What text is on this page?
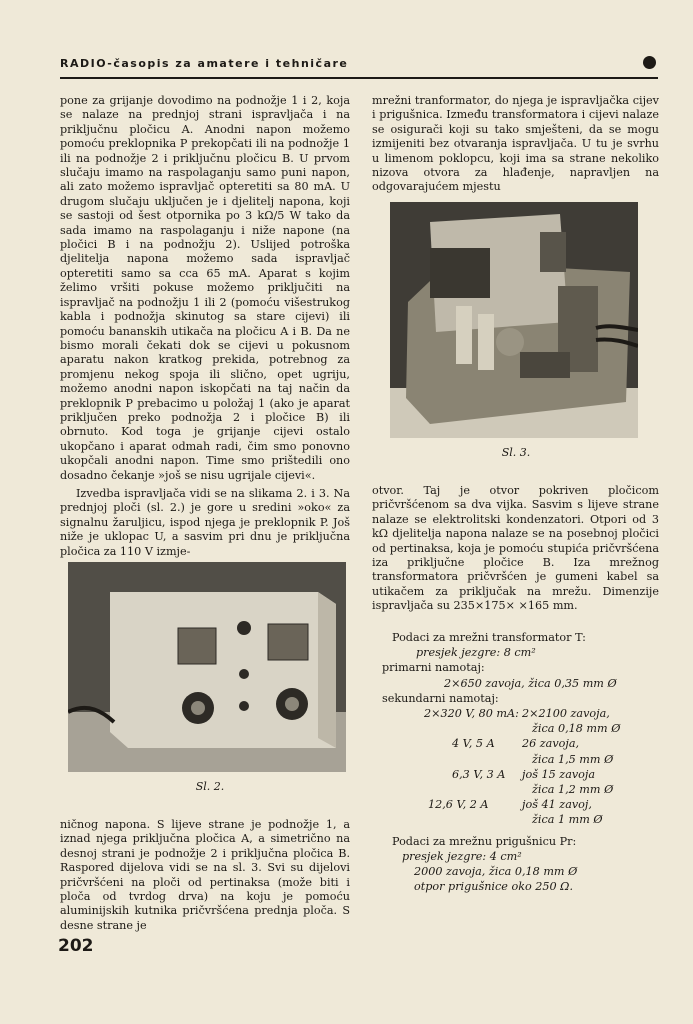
RADIO-časopis za amatere i tehničare

pone za grijanje dovodimo na podnožje 1 i 2, koja se nalaze na prednjoj strani ispravljača i na priključnu pločicu A. Anodni napon možemo pomoću preklopnika P prekopčati ili na podnožje 1 ili na podnožje 2 i priključnu pločicu B. U prvom slučaju imamo na raspolaganju samo puni napon, ali zato možemo ispravljač opteretiti sa 80 mA. U drugom slučaju uključen je i djelitelj napona, koji se sastoji od šest otpornika po 3 kΩ/5 W tako da sada imamo na raspolaganju i niže napone (na pločici B i na podnožju 2). Uslijed potroška djelitelja napona možemo sada ispravljač opteretiti samo sa cca 65 mA. Aparat s kojim želimo vršiti pokuse možemo priključiti na ispravljač na podnožju 1 ili 2 (pomoću višestrukog kabla i podnožja skinutog sa stare cijevi) ili pomoću bananskih utikača na pločicu A i B. Da ne bismo morali čekati dok se cijevi u pokusnom aparatu nakon kratkog prekida, potrebnog za promjenu nekog spoja ili slično, opet ugriju, možemo anodni napon iskopčati na taj način da preklopnik P prebacimo u položaj 1 (ako je aparat priključen preko podnožja 2 i pločice B) ili obrnuto. Kod toga je grijanje cijevi ostalo ukopčano i aparat odmah radi, čim smo ponovno ukopčali anodni napon. Time smo prištedili ono dosadno čekanje »još se nisu ugrijale cijevi«.

Izvedba ispravljača vidi se na slikama 2. i 3. Na prednjoj ploči (sl. 2.) je gore u sredini »oko« za signalnu žaruljicu, ispod njega je preklopnik P. Još niže je uklopac U, a sasvim pri dnu je priključna pločica za 110 V izmje-

Sl. 2.

ničnog napona. S lijeve strane je podnožje 1, a iznad njega priključna pločica A, a simetrično na desnoj strani je podnožje 2 i priključna pločica B. Raspored dijelova vidi se na sl. 3. Svi su dijelovi pričvršćeni na ploči od pertinaksa (može biti i ploča od tvrdog drva) na koju je pomoću aluminijskih kutnika pričvršćena prednja ploča. S desne strane je

mrežni tranformator, do njega je ispravljačka cijev i prigušnica. Između transformatora i cijevi nalaze se osigurači koji su tako smješteni, da se mogu izmijeniti bez otvaranja ispravljača. U tu je svrhu u limenom poklopcu, koji ima sa strane nekoliko nizova otvora za hlađenje, napravljen na odgovarajućem mjestu

Sl. 3.

otvor. Taj je otvor pokriven pločicom pričvršćenom sa dva vijka. Sasvim s lijeve strane nalaze se elektrolitski kondenzatori. Otpori od 3 kΩ djelitelja napona nalaze se na posebnoj pločici od pertinaksa, koja je pomoću stupića pričvršćena iza priključne pločice B. Iza mrežnog transformatora pričvršćen je gumeni kabel sa utikačem za priključak na mrežu. Dimenzije ispravljača su 235×175× ×165 mm.

Podaci za mrežni transformator T:
presjek jezgre: 8 cm²
primarni namotaj:
2×650 zavoja, žica 0,35 mm Ø
sekundarni namotaj:
2×320 V, 80 mA: 2×2100 zavoja,
žica 0,18 mm Ø
4 V, 5 A	26 zavoja,
žica 1,5 mm Ø
6,3 V, 3 A	još 15 zavoja
žica 1,2 mm Ø
12,6 V, 2 A	još 41 zavoj,
žica 1 mm Ø
Podaci za mrežnu prigušnicu Pr:
presjek jezgre: 4 cm²
2000 zavoja, žica 0,18 mm Ø
otpor prigušnice oko 250 Ω.
202
